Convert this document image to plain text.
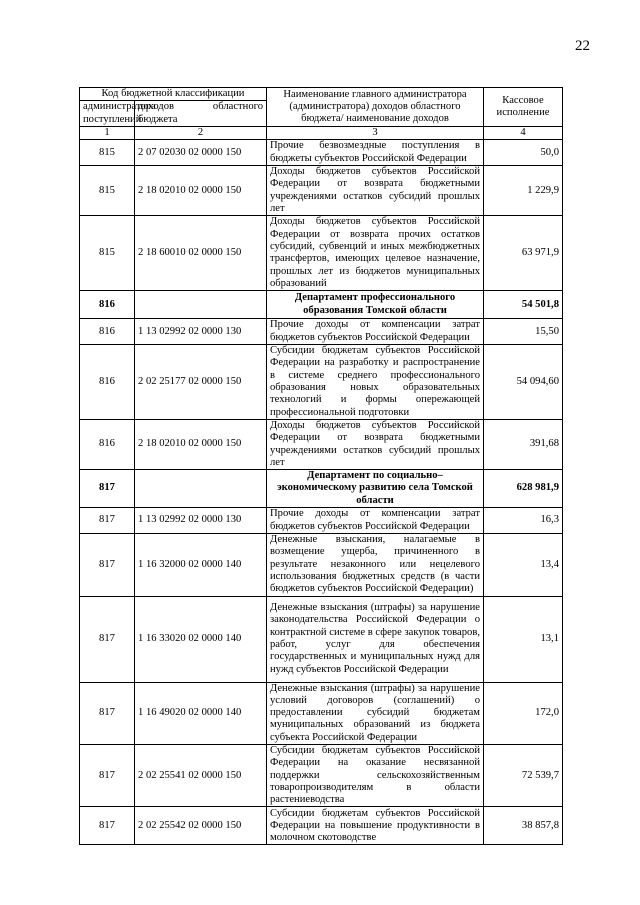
22
Код бюджетной классификации		Наименование главного администратора (администратора) доходов областного бюджета/ наименование доходов	Кассовое исполнение
администратора поступлений	доходов областного бюджета		
1	2	3	4
815	2 07 02030 02 0000 150	Прочие безвозмездные поступления в бюджеты субъектов Российской Федерации	50,0
815	2 18 02010 02 0000 150	Доходы бюджетов субъектов Российской Федерации от возврата бюджетными учреждениями остатков субсидий прошлых лет	1 229,9
815	2 18 60010 02 0000 150	Доходы бюджетов субъектов Российской Федерации от возврата прочих остатков субсидий, субвенций и иных межбюджетных трансфертов, имеющих целевое назначение, прошлых лет из бюджетов муниципальных образований	63 971,9
816		Департамент профессионального образования Томской области	54 501,8
816	1 13 02992 02 0000 130	Прочие доходы от компенсации затрат бюджетов субъектов Российской Федерации	15,50
816	2 02 25177 02 0000 150	Субсидии бюджетам субъектов Российской Федерации на разработку и распространение в системе среднего профессионального образования новых образовательных технологий и формы опережающей профессиональной подготовки	54 094,60
816	2 18 02010 02 0000 150	Доходы бюджетов субъектов Российской Федерации от возврата бюджетными учреждениями остатков субсидий прошлых лет	391,68
817		Департамент по социально–экономическому развитию села Томской области	628 981,9
817	1 13 02992 02 0000 130	Прочие доходы от компенсации затрат бюджетов субъектов Российской Федерации	16,3
817	1 16 32000 02 0000 140	Денежные взыскания, налагаемые в возмещение ущерба, причиненного в результате незаконного или нецелевого использования бюджетных средств (в части бюджетов субъектов Российской Федерации)	13,4
817	1 16 33020 02 0000 140	Денежные взыскания (штрафы) за нарушение законодательства Российской Федерации о контрактной системе в сфере закупок товаров, работ, услуг для обеспечения государственных и муниципальных нужд для нужд субъектов Российской Федерации	13,1
817	1 16 49020 02 0000 140	Денежные взыскания (штрафы) за нарушение условий договоров (соглашений) о предоставлении субсидий бюджетам муниципальных образований из бюджета субъекта Российской Федерации	172,0
817	2 02 25541 02 0000 150	Субсидии бюджетам субъектов Российской Федерации на оказание несвязанной поддержки сельскохозяйственным товаропроизводителям в области растениеводства	72 539,7
817	2 02 25542 02 0000 150	Субсидии бюджетам субъектов Российской Федерации на повышение продуктивности в молочном скотоводстве	38 857,8
